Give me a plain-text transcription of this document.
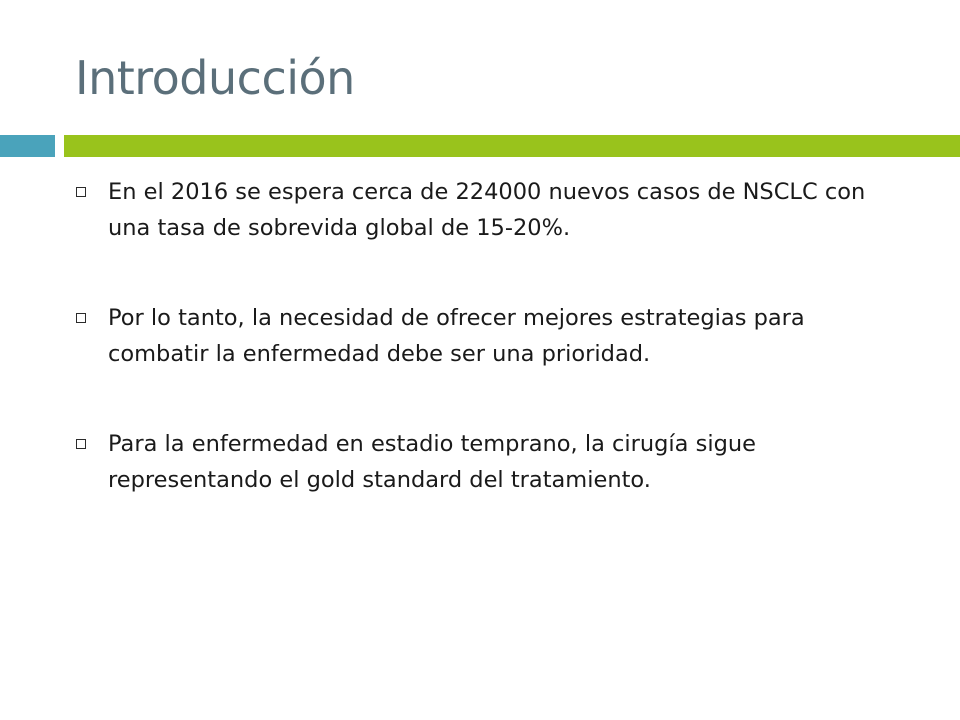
Introducción
En el 2016 se espera cerca de 224000 nuevos casos de NSCLC con una tasa de sobrevida global de 15-20%.
Por lo tanto, la necesidad de ofrecer mejores estrategias para combatir la enfermedad debe ser una prioridad.
Para la enfermedad en estadio temprano, la cirugía sigue representando el gold standard del tratamiento.
